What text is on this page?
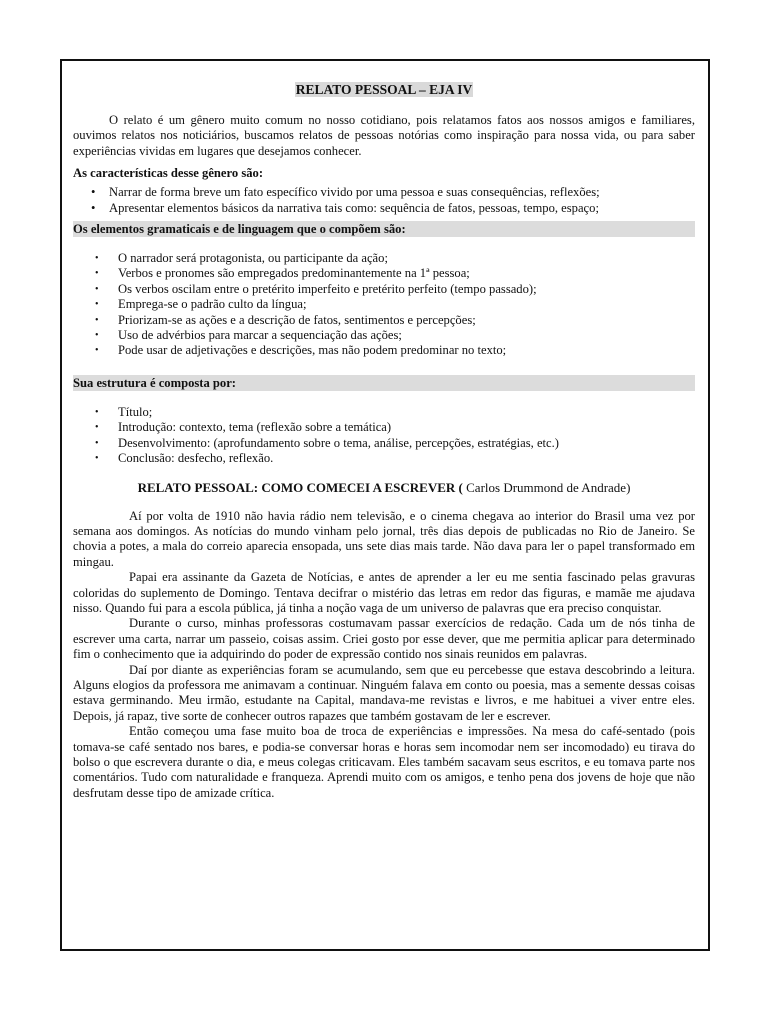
RELATO PESSOAL – EJA IV

O relato é um gênero muito comum no nosso cotidiano, pois relatamos fatos aos nossos amigos e familiares, ouvimos relatos nos noticiários, buscamos relatos de pessoas notórias como inspiração para nossa vida, ou para saber experiências vividas em lugares que desejamos conhecer.

As características desse gênero são:
• Narrar de forma breve um fato específico vivido por uma pessoa e suas consequências, reflexões;
• Apresentar elementos básicos da narrativa tais como: sequência de fatos, pessoas, tempo, espaço;
Os elementos gramaticais e de linguagem que o compõem são:
• O narrador será protagonista, ou participante da ação;
• Verbos e pronomes são empregados predominantemente na 1ª pessoa;
• Os verbos oscilam entre o pretérito imperfeito e pretérito perfeito (tempo passado);
• Emprega-se o padrão culto da língua;
• Priorizam-se as ações e a descrição de fatos, sentimentos e percepções;
• Uso de advérbios para marcar a sequenciação das ações;
• Pode usar de adjetivações e descrições, mas não podem predominar no texto;
Sua estrutura é composta por:
• Título;
• Introdução: contexto, tema (reflexão sobre a temática)
• Desenvolvimento: (aprofundamento sobre o tema, análise, percepções, estratégias, etc.)
• Conclusão: desfecho, reflexão.
RELATO PESSOAL: COMO COMECEI A ESCREVER ( Carlos Drummond de Andrade)

Aí por volta de 1910 não havia rádio nem televisão, e o cinema chegava ao interior do Brasil uma vez por semana aos domingos. As notícias do mundo vinham pelo jornal, três dias depois de publicadas no Rio de Janeiro. Se chovia a potes, a mala do correio aparecia ensopada, uns sete dias mais tarde. Não dava para ler o papel transformado em mingau.

Papai era assinante da Gazeta de Notícias, e antes de aprender a ler eu me sentia fascinado pelas gravuras coloridas do suplemento de Domingo. Tentava decifrar o mistério das letras em redor das figuras, e mamãe me ajudava nisso. Quando fui para a escola pública, já tinha a noção vaga de um universo de palavras que era preciso conquistar.

Durante o curso, minhas professoras costumavam passar exercícios de redação. Cada um de nós tinha de escrever uma carta, narrar um passeio, coisas assim. Criei gosto por esse dever, que me permitia aplicar para determinado fim o conhecimento que ia adquirindo do poder de expressão contido nos sinais reunidos em palavras.

Daí por diante as experiências foram se acumulando, sem que eu percebesse que estava descobrindo a leitura. Alguns elogios da professora me animavam a continuar. Ninguém falava em conto ou poesia, mas a semente dessas coisas estava germinando. Meu irmão, estudante na Capital, mandava-me revistas e livros, e me habituei a viver entre eles. Depois, já rapaz, tive sorte de conhecer outros rapazes que também gostavam de ler e escrever.

Então começou uma fase muito boa de troca de experiências e impressões. Na mesa do café-sentado (pois tomava-se café sentado nos bares, e podia-se conversar horas e horas sem incomodar nem ser incomodado) eu tirava do bolso o que escrevera durante o dia, e meus colegas criticavam. Eles também sacavam seus escritos, e eu tomava parte nos comentários. Tudo com naturalidade e franqueza. Aprendi muito com os amigos, e tenho pena dos jovens de hoje que não desfrutam desse tipo de amizade crítica.
